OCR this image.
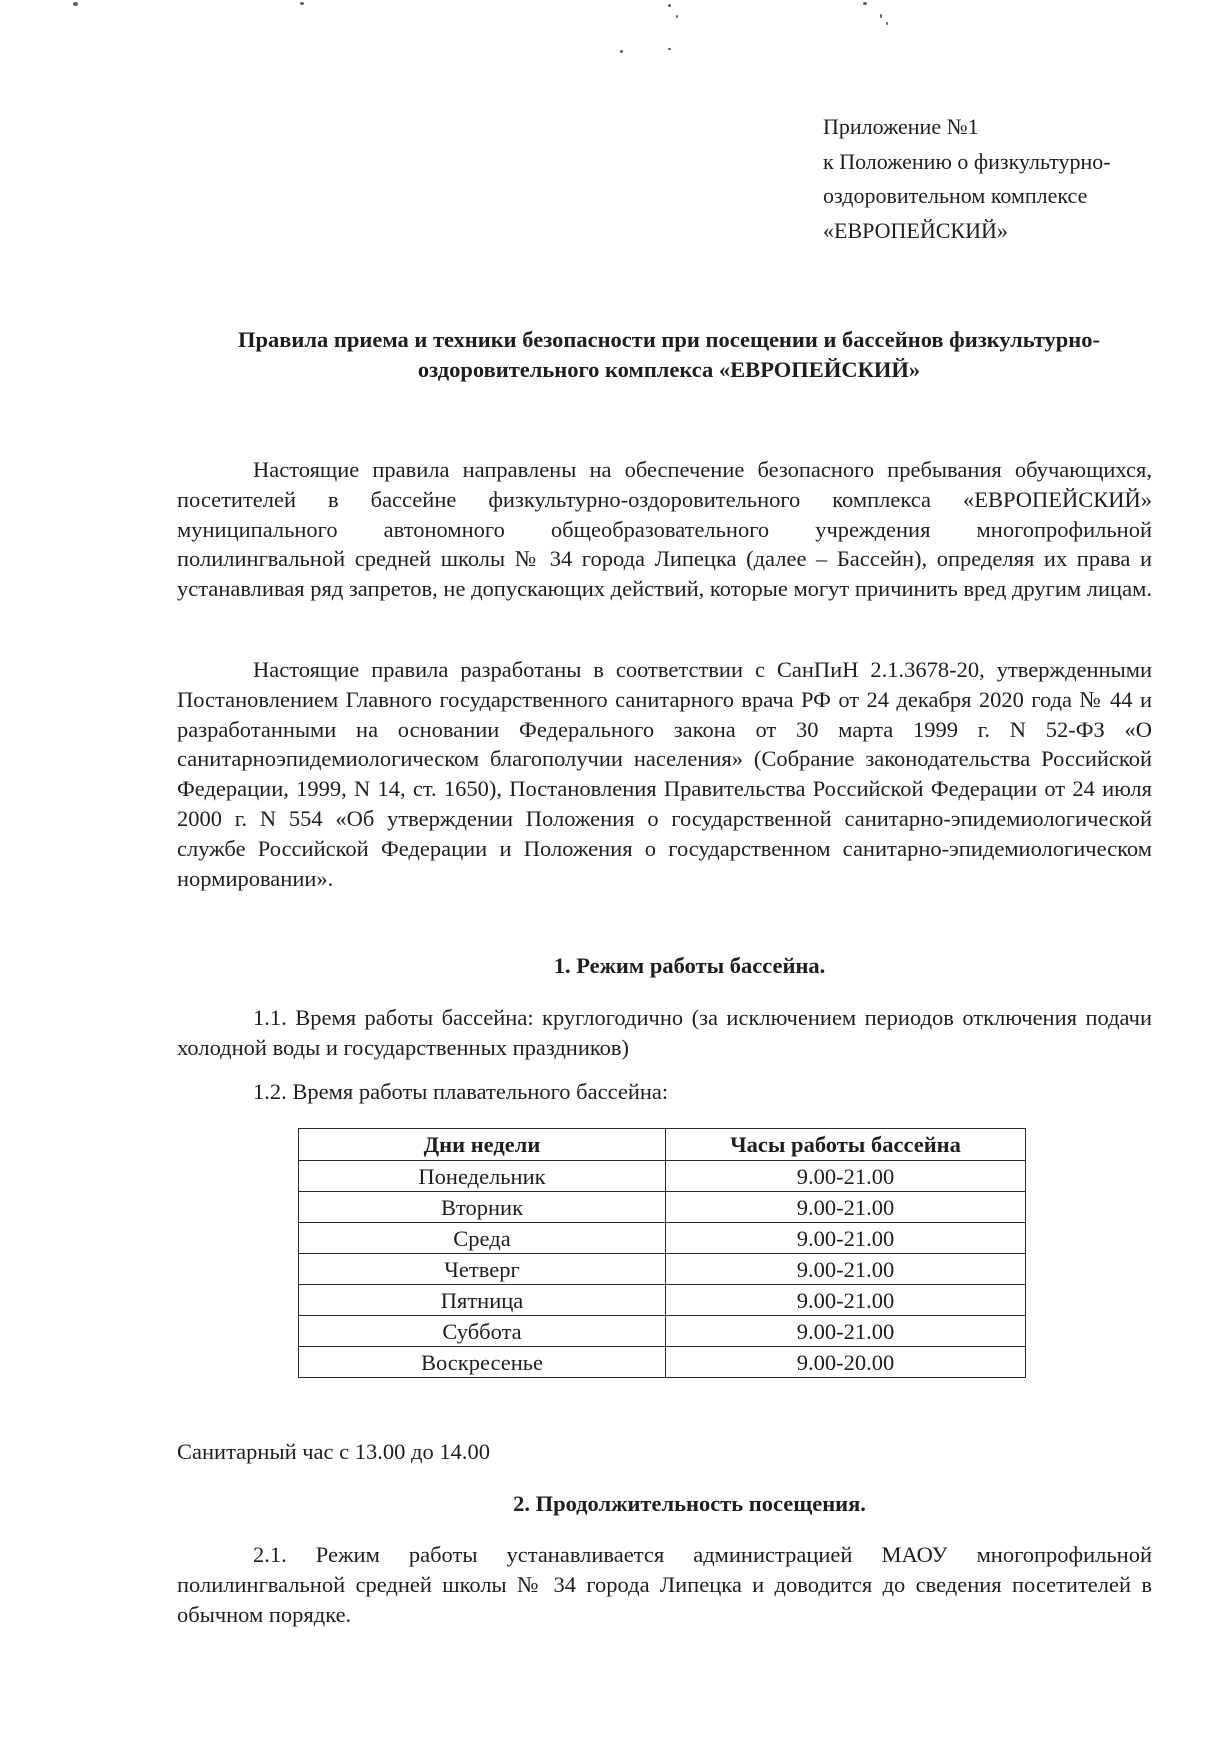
Приложение №1
к Положению о физкультурно-
оздоровительном комплексе
«ЕВРОПЕЙСКИЙ»
Правила приема и техники безопасности при посещении и бассейнов физкультурно-
оздоровительного комплекса «ЕВРОПЕЙСКИЙ»

Настоящие правила направлены на обеспечение безопасного пребывания обучающихся, посетителей в бассейне физкультурно-оздоровительного комплекса «ЕВРОПЕЙСКИЙ» муниципального автономного общеобразовательного учреждения многопрофильной полилингвальной средней школы № 34 города Липецка (далее – Бассейн), определяя их права и устанавливая ряд запретов, не допускающих действий, которые могут причинить вред другим лицам.

Настоящие правила разработаны в соответствии с СанПиН 2.1.3678-20, утвержденными Постановлением Главного государственного санитарного врача РФ от 24 декабря 2020 года № 44 и разработанными на основании Федерального закона от 30 марта 1999 г. N 52-ФЗ «О санитарноэпидемиологическом благополучии населения» (Собрание законодательства Российской Федерации, 1999, N 14, ст. 1650), Постановления Правительства Российской Федерации от 24 июля 2000 г. N 554 «Об утверждении Положения о государственной санитарно-эпидемиологической службе Российской Федерации и Положения о государственном санитарно-эпидемиологическом нормировании».

1. Режим работы бассейна.

1.1. Время работы бассейна: круглогодично (за исключением периодов отключения подачи холодной воды и государственных праздников)

1.2. Время работы плавательного бассейна:
Дни недели	Часы работы бассейна
Понедельник	9.00-21.00
Вторник	9.00-21.00
Среда	9.00-21.00
Четверг	9.00-21.00
Пятница	9.00-21.00
Суббота	9.00-21.00
Воскресенье	9.00-20.00
Санитарный час с 13.00 до 14.00
2. Продолжительность посещения.

2.1. Режим работы устанавливается администрацией МАОУ многопрофильной полилингвальной средней школы № 34 города Липецка и доводится до сведения посетителей в обычном порядке.
